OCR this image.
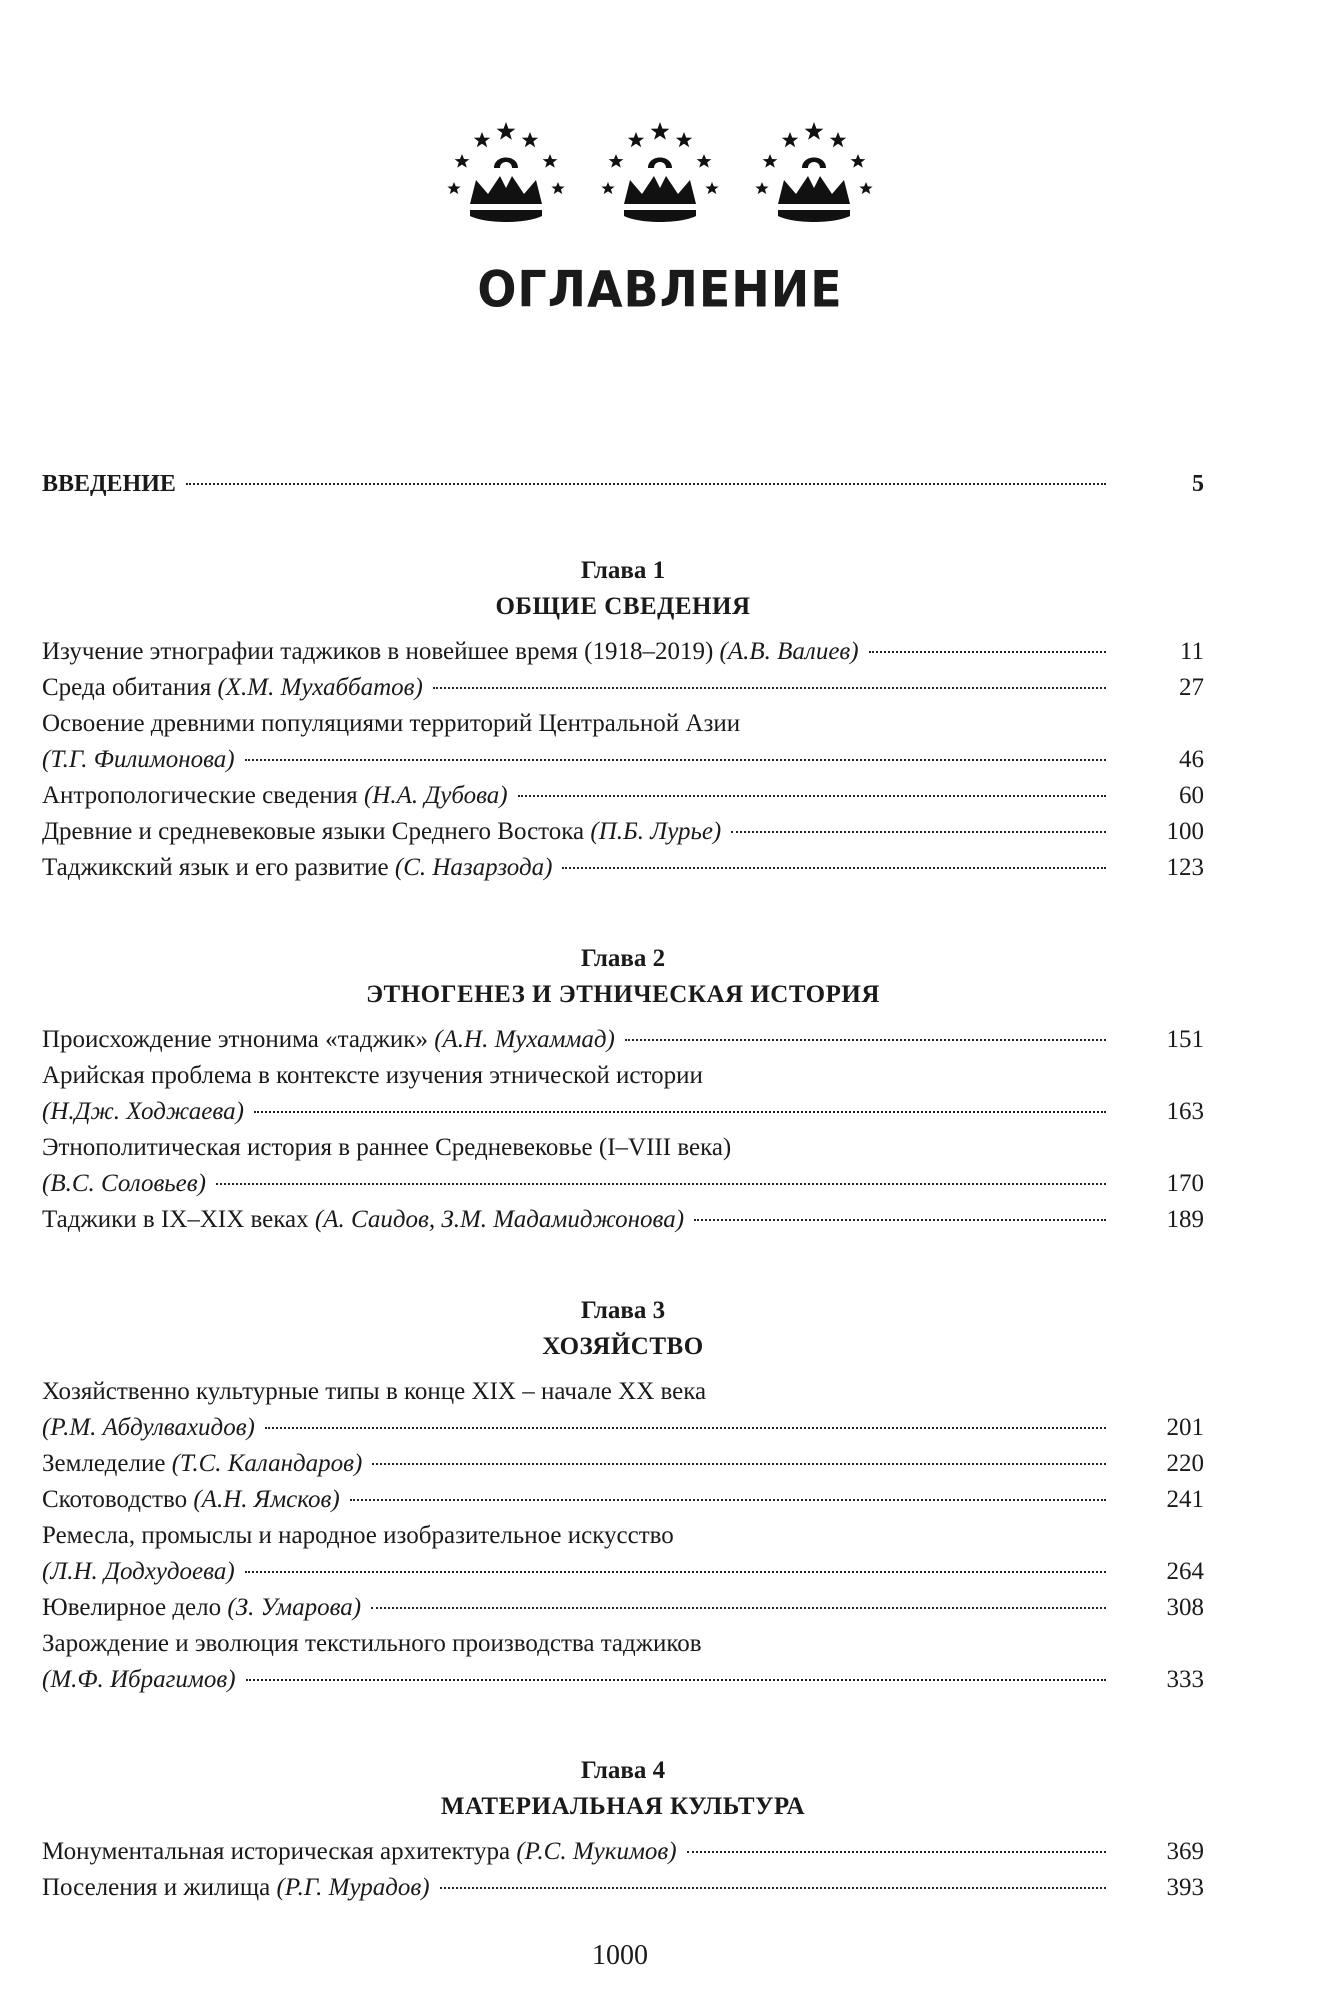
ОГЛАВЛЕНИЕ
ВВЕДЕНИЕ	5
Глава 1
ОБЩИЕ СВЕДЕНИЯ
Изучение этнографии таджиков в новейшее время (1918–2019) (А.В. Валиев)	11
Среда обитания (Х.М. Мухаббатов)	27
Освоение древними популяциями территорий Центральной Азии
(Т.Г. Филимонова)	46
Антропологические сведения (Н.А. Дубова)	60
Древние и средневековые языки Среднего Востока (П.Б. Лурье)	100
Таджикский язык и его развитие (С. Назарзода)	123
Глава 2
ЭТНОГЕНЕЗ И ЭТНИЧЕСКАЯ ИСТОРИЯ
Происхождение этнонима «таджик» (А.Н. Мухаммад)	151
Арийская проблема в контексте изучения этнической истории
(Н.Дж. Ходжаева)	163
Этнополитическая история в раннее Средневековье (I–VIII века)
(В.С. Соловьев)	170
Таджики в IX–XIX веках (А. Саидов, З.М. Мадамиджонова)	189
Глава 3
ХОЗЯЙСТВО
Хозяйственно культурные типы в конце XIX – начале XX века
(Р.М. Абдулвахидов)	201
Земледелие (Т.С. Каландаров)	220
Скотоводство (А.Н. Ямсков)	241
Ремесла, промыслы и народное изобразительное искусство
(Л.Н. Додхудоева)	264
Ювелирное дело (З. Умарова)	308
Зарождение и эволюция текстильного производства таджиков
(М.Ф. Ибрагимов)	333
Глава 4
МАТЕРИАЛЬНАЯ КУЛЬТУРА
Монументальная историческая архитектура (Р.С. Мукимов)	369
Поселения и жилища (Р.Г. Мурадов)	393
1000
